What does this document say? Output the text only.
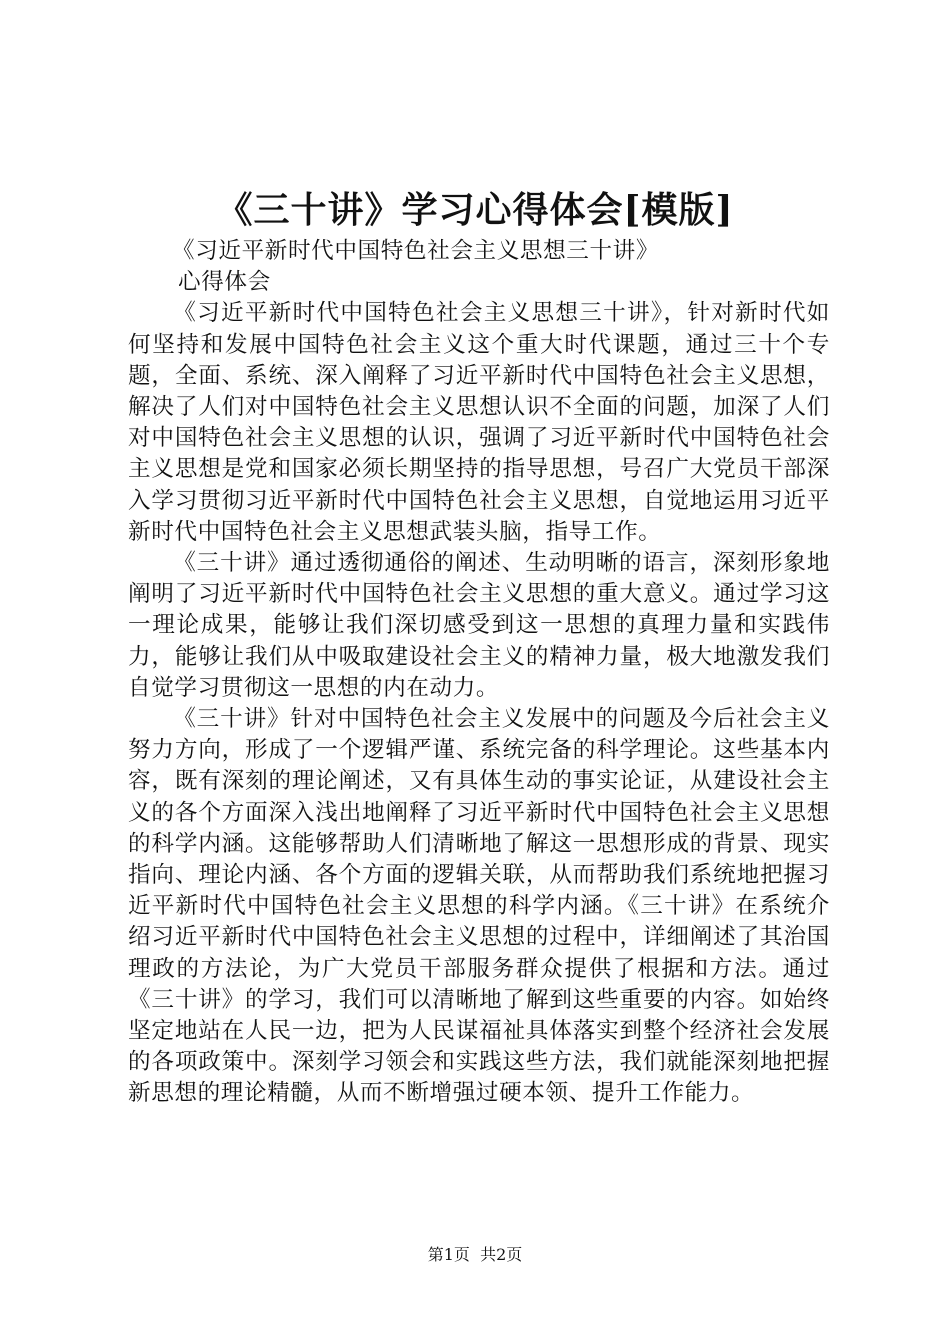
《三十讲》学习心得体会[模版]

《习近平新时代中国特色社会主义思想三十讲》

心得体会

《习近平新时代中国特色社会主义思想三十讲》，针对新时代如何坚持和发展中国特色社会主义这个重大时代课题，通过三十个专题，全面、系统、深入阐释了习近平新时代中国特色社会主义思想，解决了人们对中国特色社会主义思想认识不全面的问题，加深了人们对中国特色社会主义思想的认识，强调了习近平新时代中国特色社会主义思想是党和国家必须长期坚持的指导思想，号召广大党员干部深入学习贯彻习近平新时代中国特色社会主义思想，自觉地运用习近平新时代中国特色社会主义思想武装头脑，指导工作。

《三十讲》通过透彻通俗的阐述、生动明晰的语言，深刻形象地阐明了习近平新时代中国特色社会主义思想的重大意义。通过学习这一理论成果，能够让我们深切感受到这一思想的真理力量和实践伟力，能够让我们从中吸取建设社会主义的精神力量，极大地激发我们自觉学习贯彻这一思想的内在动力。

《三十讲》针对中国特色社会主义发展中的问题及今后社会主义努力方向，形成了一个逻辑严谨、系统完备的科学理论。这些基本内容，既有深刻的理论阐述，又有具体生动的事实论证，从建设社会主义的各个方面深入浅出地阐释了习近平新时代中国特色社会主义思想的科学内涵。这能够帮助人们清晰地了解这一思想形成的背景、现实指向、理论内涵、各个方面的逻辑关联，从而帮助我们系统地把握习近平新时代中国特色社会主义思想的科学内涵。《三十讲》在系统介绍习近平新时代中国特色社会主义思想的过程中，详细阐述了其治国理政的方法论，为广大党员干部服务群众提供了根据和方法。通过《三十讲》的学习，我们可以清晰地了解到这些重要的内容。如始终坚定地站在人民一边，把为人民谋福祉具体落实到整个经济社会发展的各项政策中。深刻学习领会和实践这些方法，我们就能深刻地把握新思想的理论精髓，从而不断增强过硬本领、提升工作能力。

第1页  共2页
